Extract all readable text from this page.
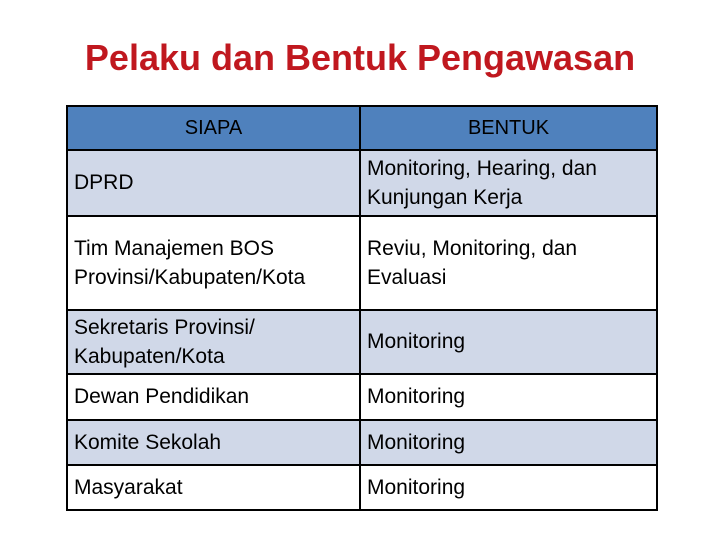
Pelaku dan Bentuk Pengawasan
SIAPA	BENTUK
DPRD	Monitoring, Hearing, dan Kunjungan Kerja
Tim Manajemen BOS Provinsi/Kabupaten/Kota	Reviu, Monitoring, dan Evaluasi
Sekretaris Provinsi/ Kabupaten/Kota	Monitoring
Dewan Pendidikan	Monitoring
Komite Sekolah	Monitoring
Masyarakat	Monitoring
